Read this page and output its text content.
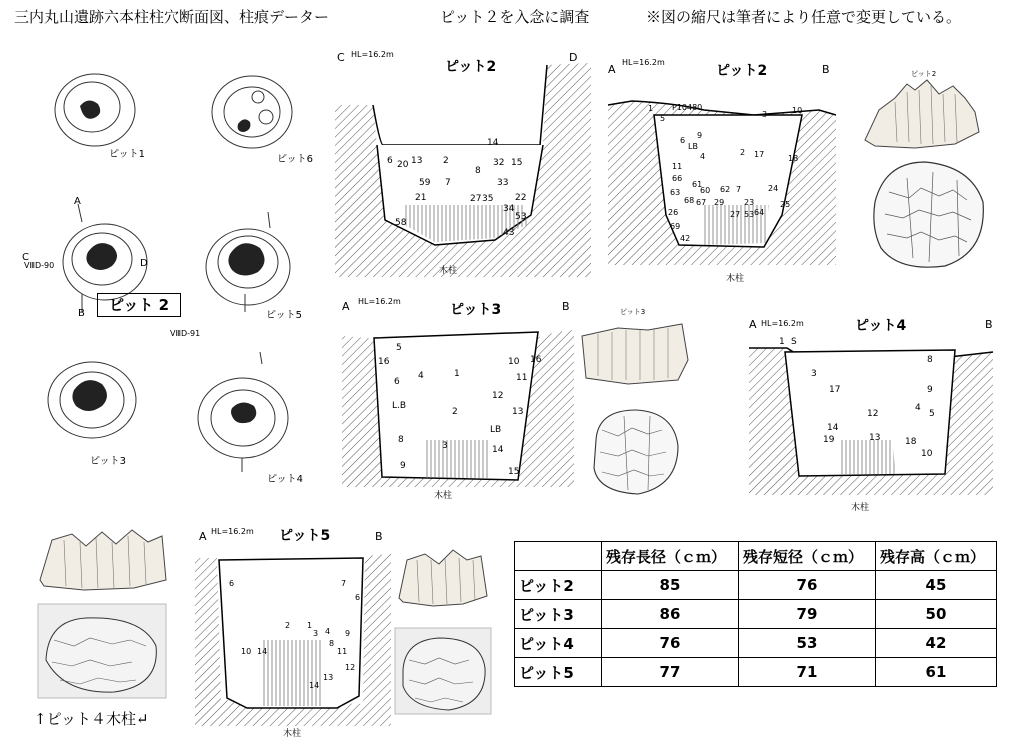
三内丸山遺跡六本柱柱穴断面図、柱痕データー	ピット２を入念に調査	※図の縮尺は筆者により任意で変更している。
ピット1	ピット6
ピット5
ピット3
ピット4
A
C
D
B
VⅢD-90
VⅢD-91
ピット 2
C HL=16.2m
ピット2
D
木柱
6 20 13 2
14
32 15
59 7
8
33
21	27 35 22
34
53
58
43
A
HL=16.2m
ピット2	B
P10480
木柱
1
5	3	10
9
6
LB
4	2 17	18
11
66
61
60 62 7	24
63
68 67 29	25
23
64
26	27 53
69
42
ピット2
A HL=16.2m
ピット3	B
木柱
5
16
1
10 16
11
6
4
12
2	13
L.B
LB
8
3	14
9
15
ピット3
A HL=16.2m	ピット4	B
木柱
1 S
8
3
17	9
12
4
5
13	18
19
14
10
A HL=16.2m ピット5	B
木柱
6	7
6
2 1
3 4
8
9
10 14	11
12
13
14
	残存長径（ｃｍ）	残存短径（ｃｍ）	残存高（ｃｍ）
ピット2	85	76	45
ピット3	86	79	50
ピット4	76	53	42
ピット5	77	71	61
↑ピット４木柱↵
